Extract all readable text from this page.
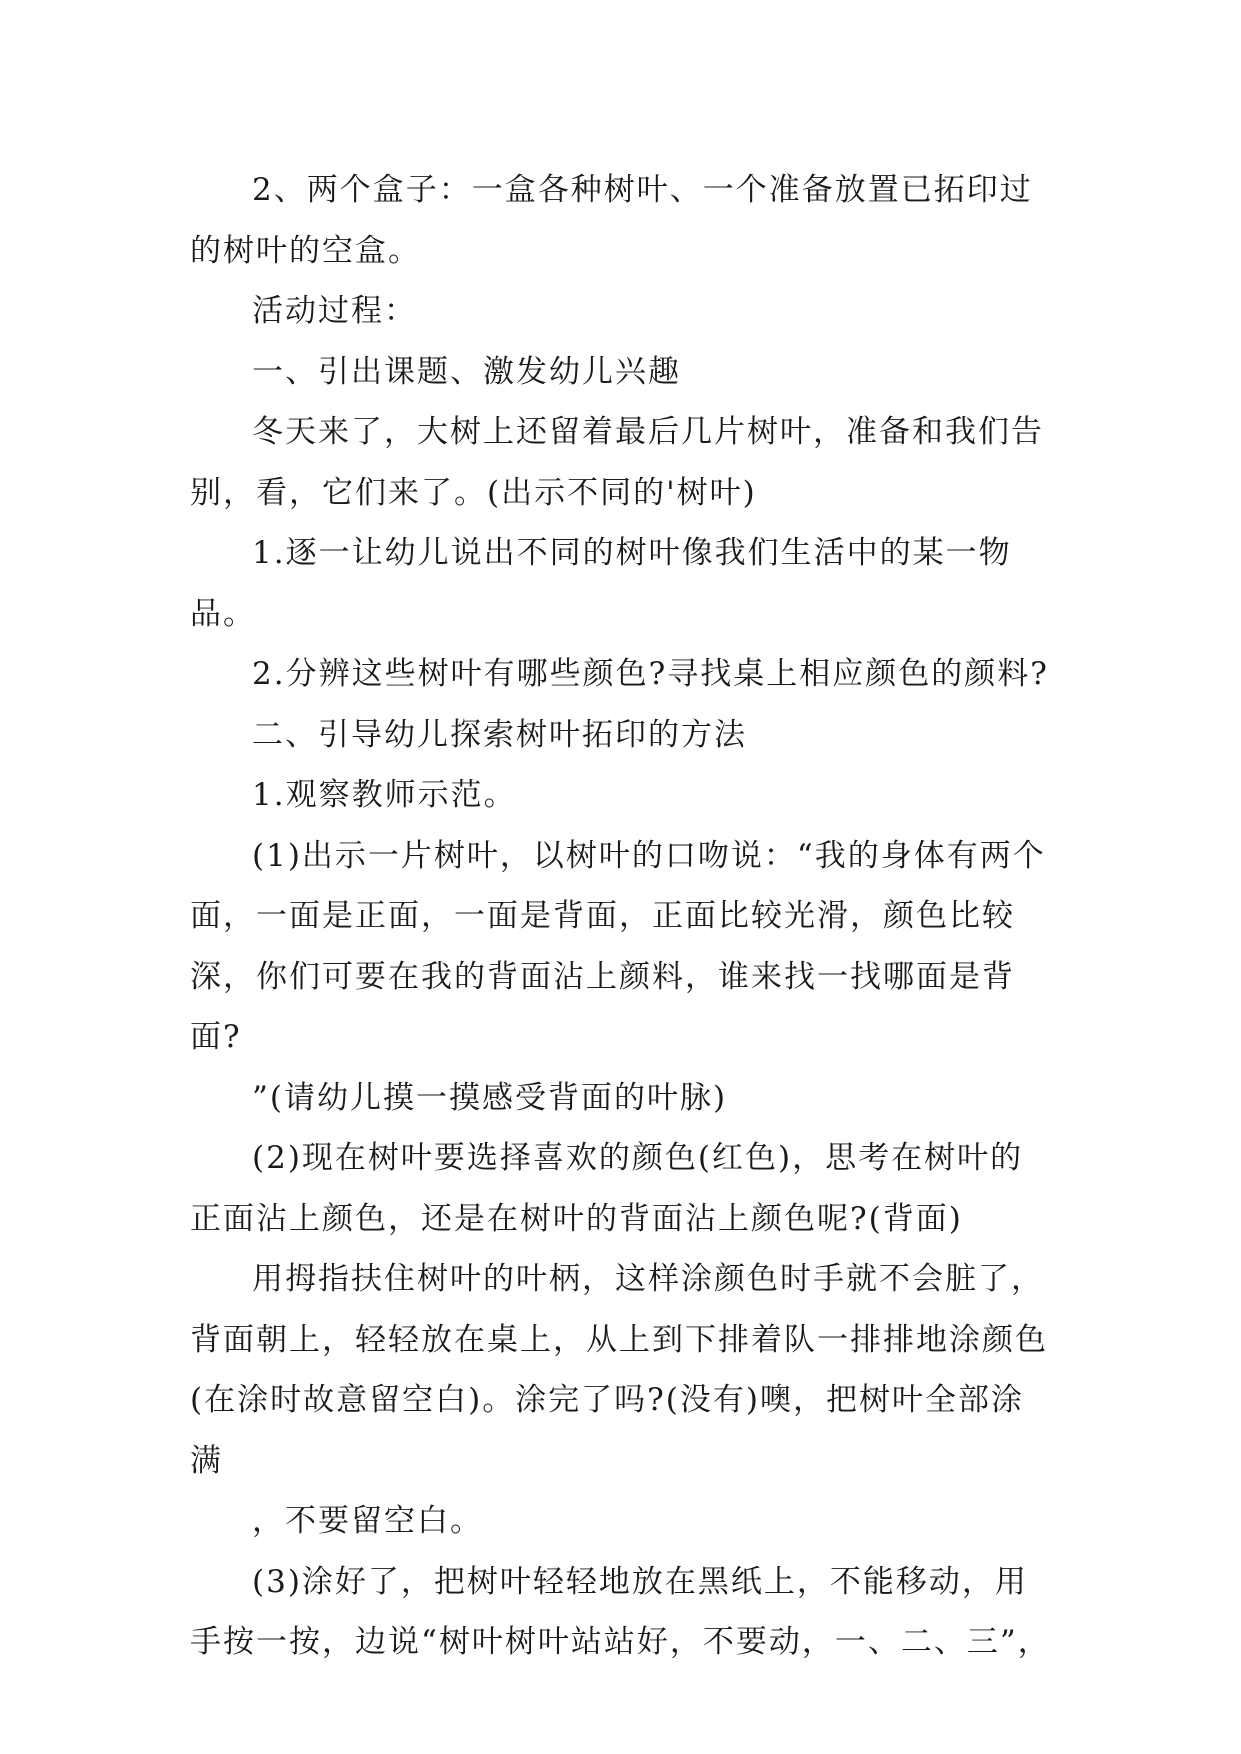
2、两个盒子：一盒各种树叶、一个准备放置已拓印过的树叶的空盒。

活动过程：

一、引出课题、激发幼儿兴趣

冬天来了，大树上还留着最后几片树叶，准备和我们告别，看，它们来了。(出示不同的'树叶)

1.逐一让幼儿说出不同的树叶像我们生活中的某一物品。

2.分辨这些树叶有哪些颜色?寻找桌上相应颜色的颜料?

二、引导幼儿探索树叶拓印的方法

1.观察教师示范。

(1)出示一片树叶，以树叶的口吻说：“我的身体有两个面，一面是正面，一面是背面，正面比较光滑，颜色比较深，你们可要在我的背面沾上颜料，谁来找一找哪面是背面?

”(请幼儿摸一摸感受背面的叶脉)

(2)现在树叶要选择喜欢的颜色(红色)，思考在树叶的正面沾上颜色，还是在树叶的背面沾上颜色呢?(背面)

用拇指扶住树叶的叶柄，这样涂颜色时手就不会脏了，背面朝上，轻轻放在桌上，从上到下排着队一排排地涂颜色(在涂时故意留空白)。涂完了吗?(没有)噢，把树叶全部涂满

，不要留空白。

(3)涂好了，把树叶轻轻地放在黑纸上，不能移动，用手按一按，边说“树叶树叶站站好，不要动，一、二、三”，
